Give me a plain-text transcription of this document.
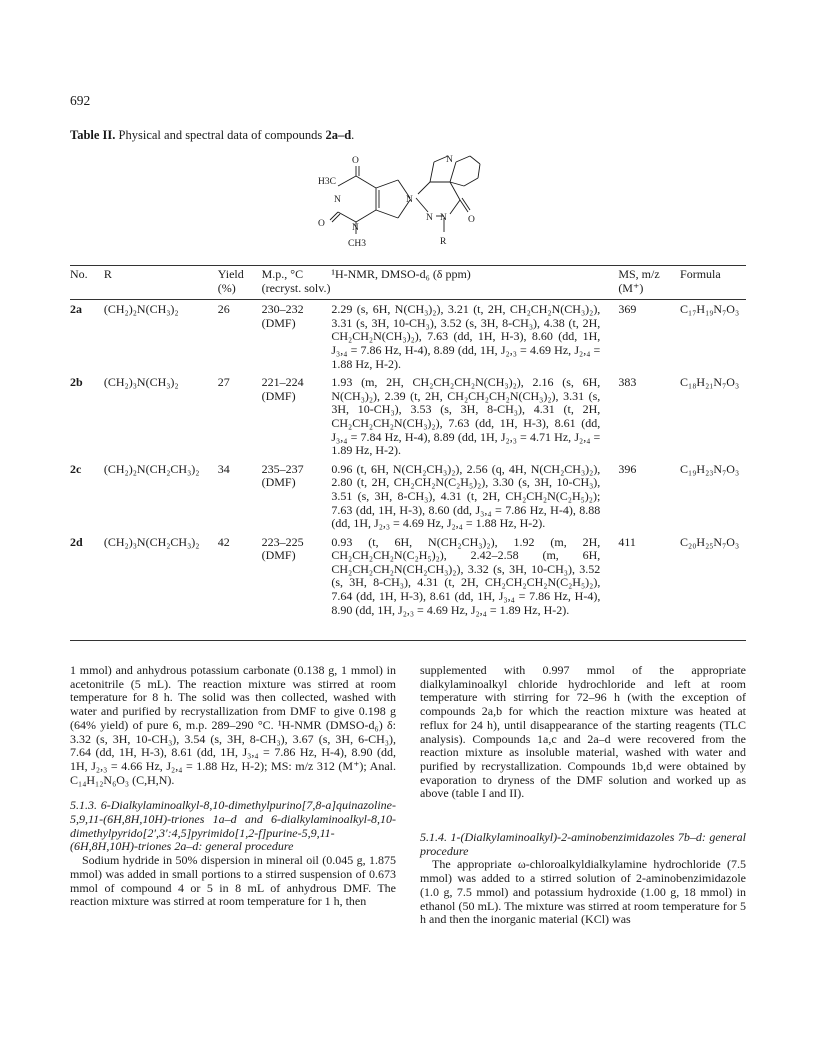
692
Table II. Physical and spectral data of compounds 2a–d.
O
H3C
N
O	N
CH3
N
N
N
N O
R
No.	R	Yield (%)	M.p., °C (recryst. solv.)	¹H-NMR, DMSO-d₆ (δ ppm)	MS, m/z (M⁺)	Formula
2a	(CH₂)₂N(CH₃)₂	26	230–232 (DMF)	2.29 (s, 6H, N(CH₃)₂), 3.21 (t, 2H, CH₂CH₂N(CH₃)₂), 3.31 (s, 3H, 10-CH₃), 3.52 (s, 3H, 8-CH₃), 4.38 (t, 2H, CH₂CH₂N(CH₃)₂), 7.63 (dd, 1H, H-3), 8.60 (dd, 1H, J₃,₄ = 7.86 Hz, H-4), 8.89 (dd, 1H, J₂,₃ = 4.69 Hz, J₂,₄ = 1.88 Hz, H-2).	369	C₁₇H₁₉N₇O₃
2b	(CH₂)₃N(CH₃)₂	27	221–224 (DMF)	1.93 (m, 2H, CH₂CH₂CH₂N(CH₃)₂), 2.16 (s, 6H, N(CH₃)₂), 2.39 (t, 2H, CH₂CH₂CH₂N(CH₃)₂), 3.31 (s, 3H, 10-CH₃), 3.53 (s, 3H, 8-CH₃), 4.31 (t, 2H, CH₂CH₂CH₂N(CH₃)₂), 7.63 (dd, 1H, H-3), 8.61 (dd, J₃,₄ = 7.84 Hz, H-4), 8.89 (dd, 1H, J₂,₃ = 4.71 Hz, J₂,₄ = 1.89 Hz, H-2).	383	C₁₈H₂₁N₇O₃
2c	(CH₂)₂N(CH₂CH₃)₂	34	235–237 (DMF)	0.96 (t, 6H, N(CH₂CH₃)₂), 2.56 (q, 4H, N(CH₂CH₃)₂), 2.80 (t, 2H, CH₂CH₂N(C₂H₅)₂), 3.30 (s, 3H, 10-CH₃), 3.51 (s, 3H, 8-CH₃), 4.31 (t, 2H, CH₂CH₂N(C₂H₅)₂); 7.63 (dd, 1H, H-3), 8.60 (dd, J₃,₄ = 7.86 Hz, H-4), 8.88 (dd, 1H, J₂,₃ = 4.69 Hz, J₂,₄ = 1.88 Hz, H-2).	396	C₁₉H₂₃N₇O₃
2d	(CH₂)₃N(CH₂CH₃)₂	42	223–225 (DMF)	0.93 (t, 6H, N(CH₂CH₃)₂), 1.92 (m, 2H, CH₂CH₂CH₂N(C₂H₅)₂), 2.42–2.58 (m, 6H, CH₂CH₂CH₂N(CH₂CH₃)₂), 3.32 (s, 3H, 10-CH₃), 3.52 (s, 3H, 8-CH₃), 4.31 (t, 2H, CH₂CH₂CH₂N(C₂H₅)₂), 7.64 (dd, 1H, H-3), 8.61 (dd, 1H, J₃,₄ = 7.86 Hz, H-4), 8.90 (dd, 1H, J₂,₃ = 4.69 Hz, J₂,₄ = 1.89 Hz, H-2).	411	C₂₀H₂₅N₇O₃

1 mmol) and anhydrous potassium carbonate (0.138 g, 1 mmol) in acetonitrile (5 mL). The reaction mixture was stirred at room temperature for 8 h. The solid was then collected, washed with water and purified by recrystallization from DMF to give 0.198 g (64% yield) of pure 6, m.p. 289–290 °C. ¹H-NMR (DMSO-d₆) δ: 3.32 (s, 3H, 10-CH₃), 3.54 (s, 3H, 8-CH₃), 3.67 (s, 3H, 6-CH₃), 7.64 (dd, 1H, H-3), 8.61 (dd, 1H, J₃,₄ = 7.86 Hz, H-4), 8.90 (dd, 1H, J₂,₃ = 4.66 Hz, J₂,₄ = 1.88 Hz, H-2); MS: m/z 312 (M⁺); Anal. C₁₄H₁₂N₆O₃ (C,H,N).

5.1.3. 6-Dialkylaminoalkyl-8,10-dimethylpurino[7,8-a]quinazoline-5,9,11-(6H,8H,10H)-triones 1a–d and 6-dialkylaminoalkyl-8,10-dimethylpyrido[2′,3′:4,5]pyrimido[1,2-f]purine-5,9,11-(6H,8H,10H)-triones 2a–d: general procedure

Sodium hydride in 50% dispersion in mineral oil (0.045 g, 1.875 mmol) was added in small portions to a stirred suspension of 0.673 mmol of compound 4 or 5 in 8 mL of anhydrous DMF. The reaction mixture was stirred at room temperature for 1 h, then

supplemented with 0.997 mmol of the appropriate dialkylaminoalkyl chloride hydrochloride and left at room temperature with stirring for 72–96 h (with the exception of compounds 2a,b for which the reaction mixture was heated at reflux for 24 h), until disappearance of the starting reagents (TLC analysis). Compounds 1a,c and 2a–d were recovered from the reaction mixture as insoluble material, washed with water and purified by recrystallization. Compounds 1b,d were obtained by evaporation to dryness of the DMF solution and worked up as above (table I and II).

5.1.4. 1-(Dialkylaminoalkyl)-2-aminobenzimidazoles 7b–d: general procedure

The appropriate ω-chloroalkyldialkylamine hydrochloride (7.5 mmol) was added to a stirred solution of 2-aminobenzimidazole (1.0 g, 7.5 mmol) and potassium hydroxide (1.00 g, 18 mmol) in ethanol (50 mL). The mixture was stirred at room temperature for 5 h and then the inorganic material (KCl) was
